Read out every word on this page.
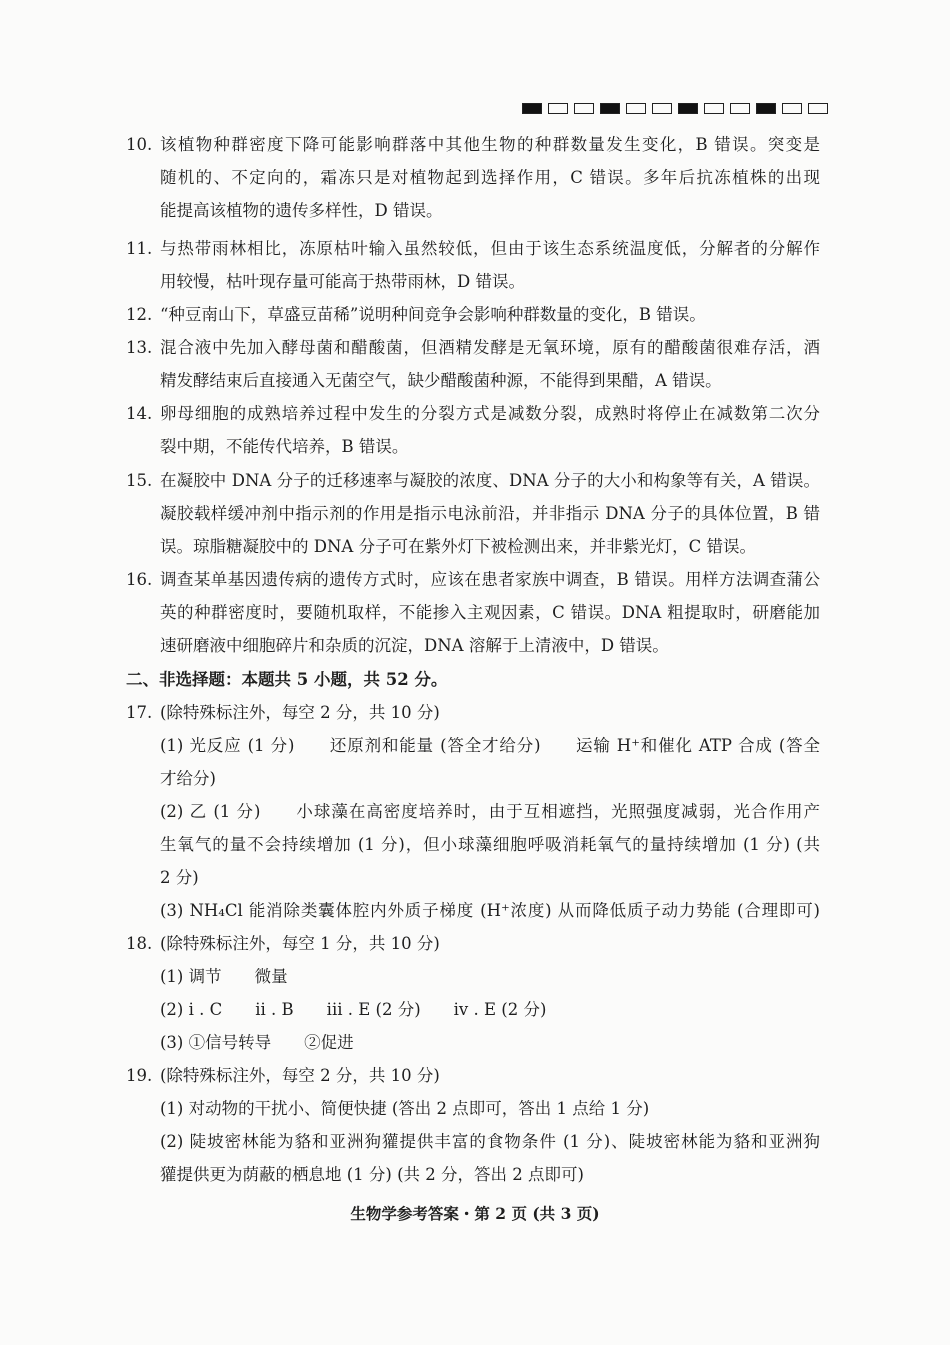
10. 该植物种群密度下降可能影响群落中其他生物的种群数量发生变化，B 错误。突变是
随机的、不定向的，霜冻只是对植物起到选择作用，C 错误。多年后抗冻植株的出现
能提高该植物的遗传多样性，D 错误。
11. 与热带雨林相比，冻原枯叶输入虽然较低，但由于该生态系统温度低，分解者的分解作
用较慢，枯叶现存量可能高于热带雨林，D 错误。
12. “种豆南山下，草盛豆苗稀”说明种间竞争会影响种群数量的变化，B 错误。
13. 混合液中先加入酵母菌和醋酸菌，但酒精发酵是无氧环境，原有的醋酸菌很难存活，酒
精发酵结束后直接通入无菌空气，缺少醋酸菌种源，不能得到果醋，A 错误。
14. 卵母细胞的成熟培养过程中发生的分裂方式是减数分裂，成熟时将停止在减数第二次分
裂中期，不能传代培养，B 错误。
15. 在凝胶中 DNA 分子的迁移速率与凝胶的浓度、DNA 分子的大小和构象等有关，A 错误。
凝胶载样缓冲剂中指示剂的作用是指示电泳前沿，并非指示 DNA 分子的具体位置，B 错
误。琼脂糖凝胶中的 DNA 分子可在紫外灯下被检测出来，并非紫光灯，C 错误。
16. 调查某单基因遗传病的遗传方式时，应该在患者家族中调查，B 错误。用样方法调查蒲公
英的种群密度时，要随机取样，不能掺入主观因素，C 错误。DNA 粗提取时，研磨能加
速研磨液中细胞碎片和杂质的沉淀，DNA 溶解于上清液中，D 错误。
二、非选择题：本题共 5 小题，共 52 分。
17. (除特殊标注外，每空 2 分，共 10 分)
(1) 光反应 (1 分)　　还原剂和能量 (答全才给分)　　运输 H⁺和催化 ATP 合成 (答全
才给分)
(2) 乙 (1 分)　　小球藻在高密度培养时，由于互相遮挡，光照强度减弱，光合作用产
生氧气的量不会持续增加 (1 分)，但小球藻细胞呼吸消耗氧气的量持续增加 (1 分) (共
2 分)
(3) NH₄Cl 能消除类囊体腔内外质子梯度 (H⁺浓度) 从而降低质子动力势能 (合理即可)
18. (除特殊标注外，每空 1 分，共 10 分)
(1) 调节　　微量
(2) i . C　　ii . B　　iii . E (2 分)　　iv . E (2 分)
(3) ①信号转导　　②促进
19. (除特殊标注外，每空 2 分，共 10 分)
(1) 对动物的干扰小、简便快捷 (答出 2 点即可，答出 1 点给 1 分)
(2) 陡坡密林能为貉和亚洲狗獾提供丰富的食物条件 (1 分)、陡坡密林能为貉和亚洲狗
獾提供更为荫蔽的栖息地 (1 分) (共 2 分，答出 2 点即可)
生物学参考答案・第 2 页 (共 3 页)
